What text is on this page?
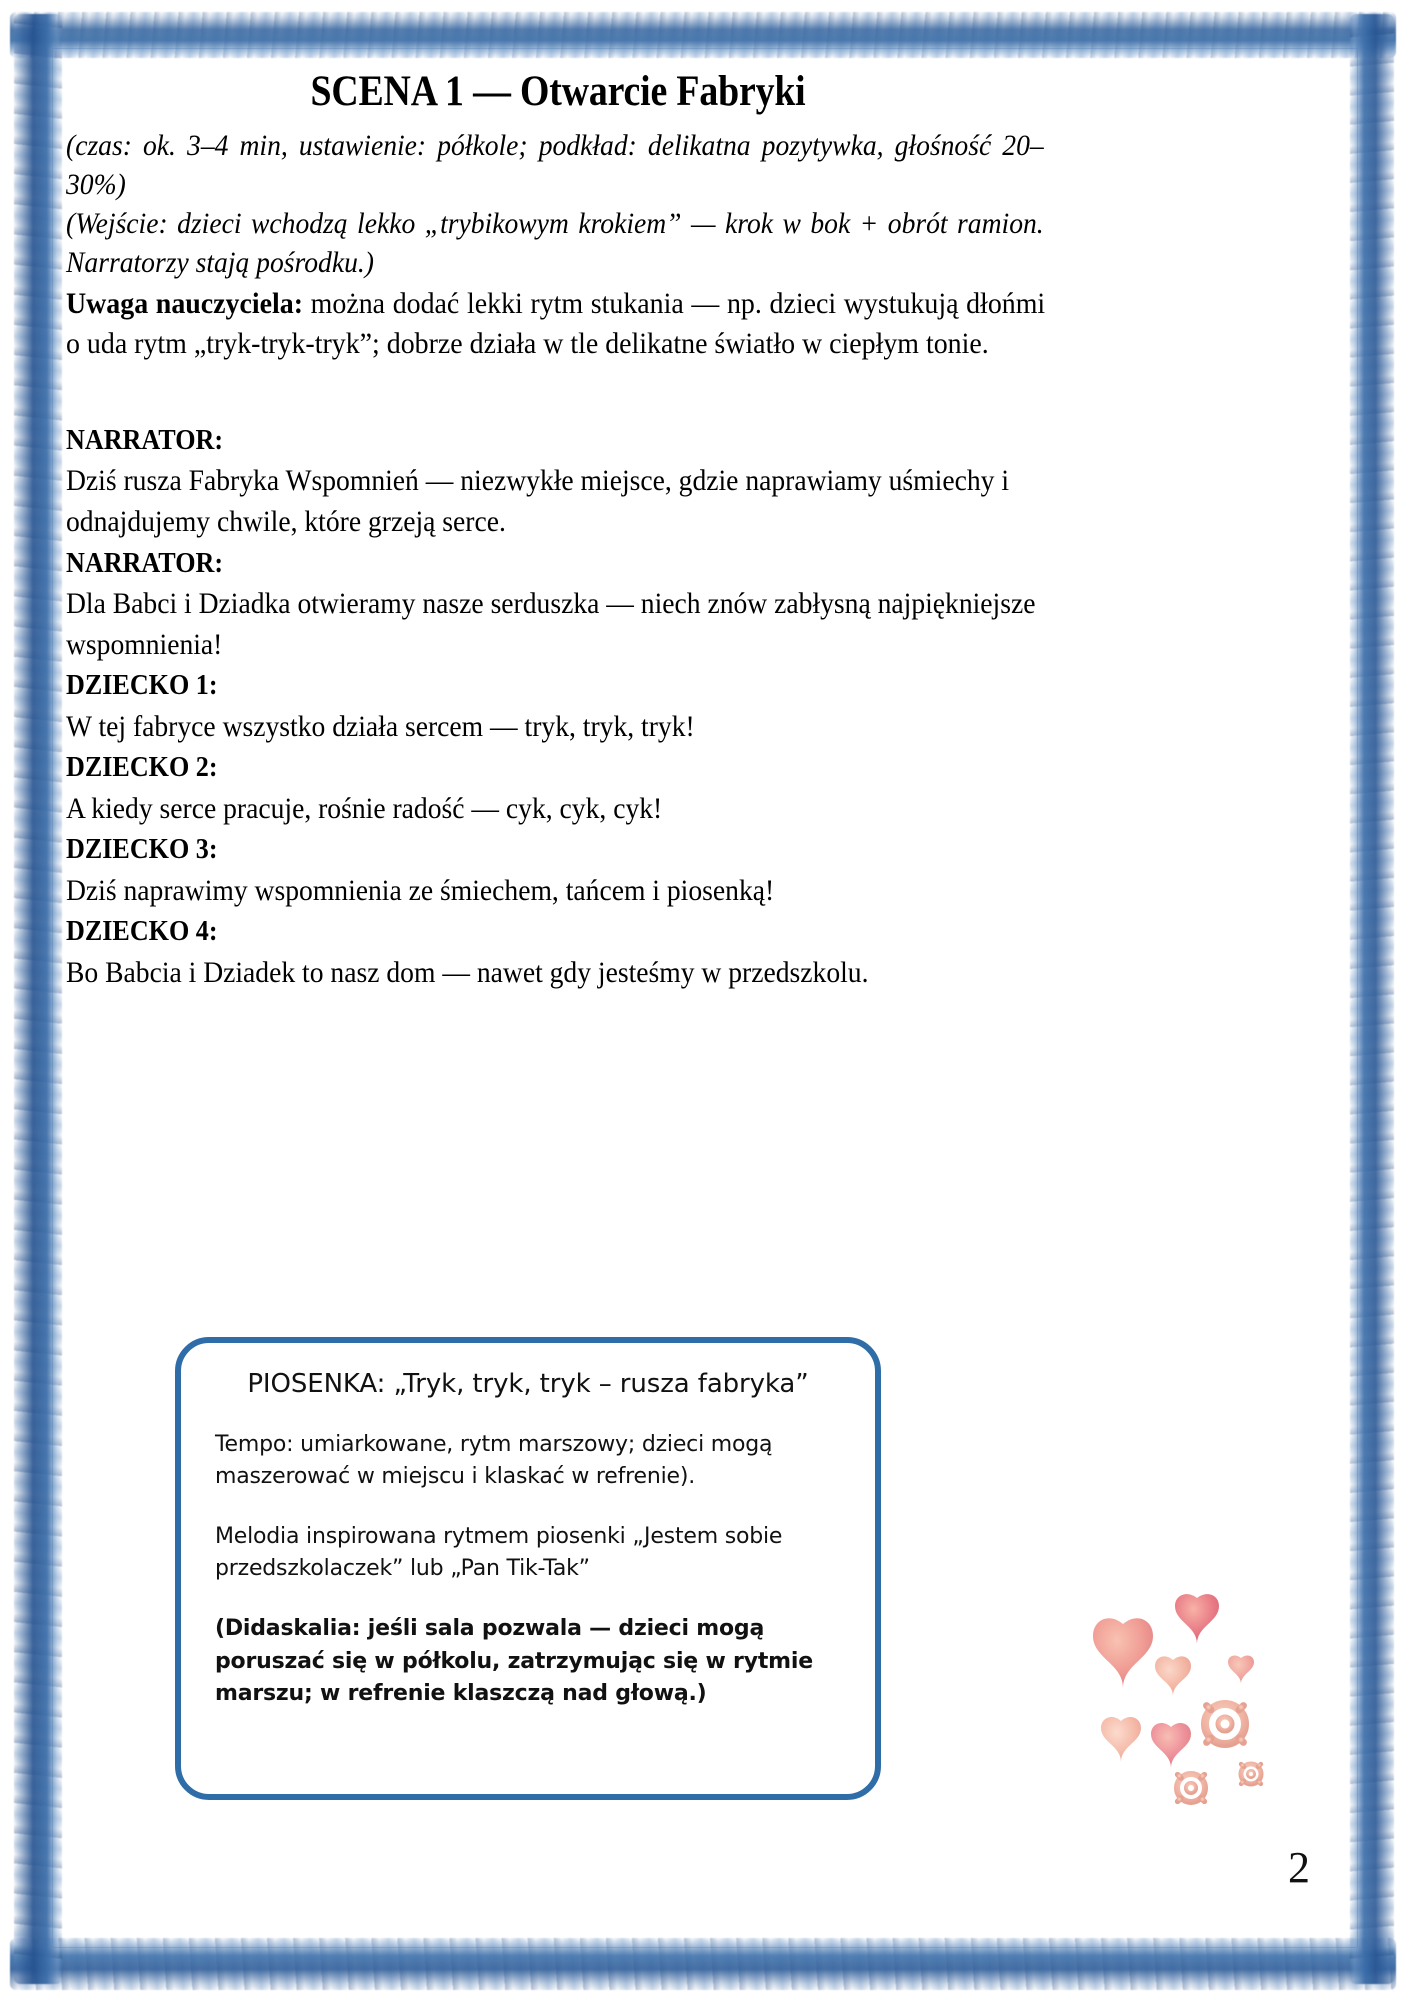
SCENA 1 — Otwarcie Fabryki

(czas: ok. 3–4 min, ustawienie: półkole; podkład: delikatna pozytywka, głośność 20–30%)

(Wejście: dzieci wchodzą lekko „trybikowym krokiem” — krok w bok + obrót ramion. Narratorzy stają pośrodku.)

Uwaga nauczyciela: można dodać lekki rytm stukania — np. dzieci wystukują dłońmi o uda rytm „tryk-tryk-tryk”; dobrze działa w tle delikatne światło w ciepłym tonie.

NARRATOR:
Dziś rusza Fabryka Wspomnień — niezwykłe miejsce, gdzie naprawiamy uśmiechy i odnajdujemy chwile, które grzeją serce.
NARRATOR:
Dla Babci i Dziadka otwieramy nasze serduszka — niech znów zabłysną najpiękniejsze wspomnienia!
DZIECKO 1:
W tej fabryce wszystko działa sercem — tryk, tryk, tryk!
DZIECKO 2:
A kiedy serce pracuje, rośnie radość — cyk, cyk, cyk!
DZIECKO 3:
Dziś naprawimy wspomnienia ze śmiechem, tańcem i piosenką!
DZIECKO 4:
Bo Babcia i Dziadek to nasz dom — nawet gdy jesteśmy w przedszkolu.
PIOSENKA: „Tryk, tryk, tryk – rusza fabryka”

Tempo: umiarkowane, rytm marszowy; dzieci mogą maszerować w miejscu i klaskać w refrenie).

Melodia inspirowana rytmem piosenki „Jestem sobie przedszkolaczek” lub „Pan Tik-Tak”

(Didaskalia: jeśli sala pozwala — dzieci mogą poruszać się w półkolu, zatrzymując się w rytmie marszu; w refrenie klaszczą nad głową.)

2
